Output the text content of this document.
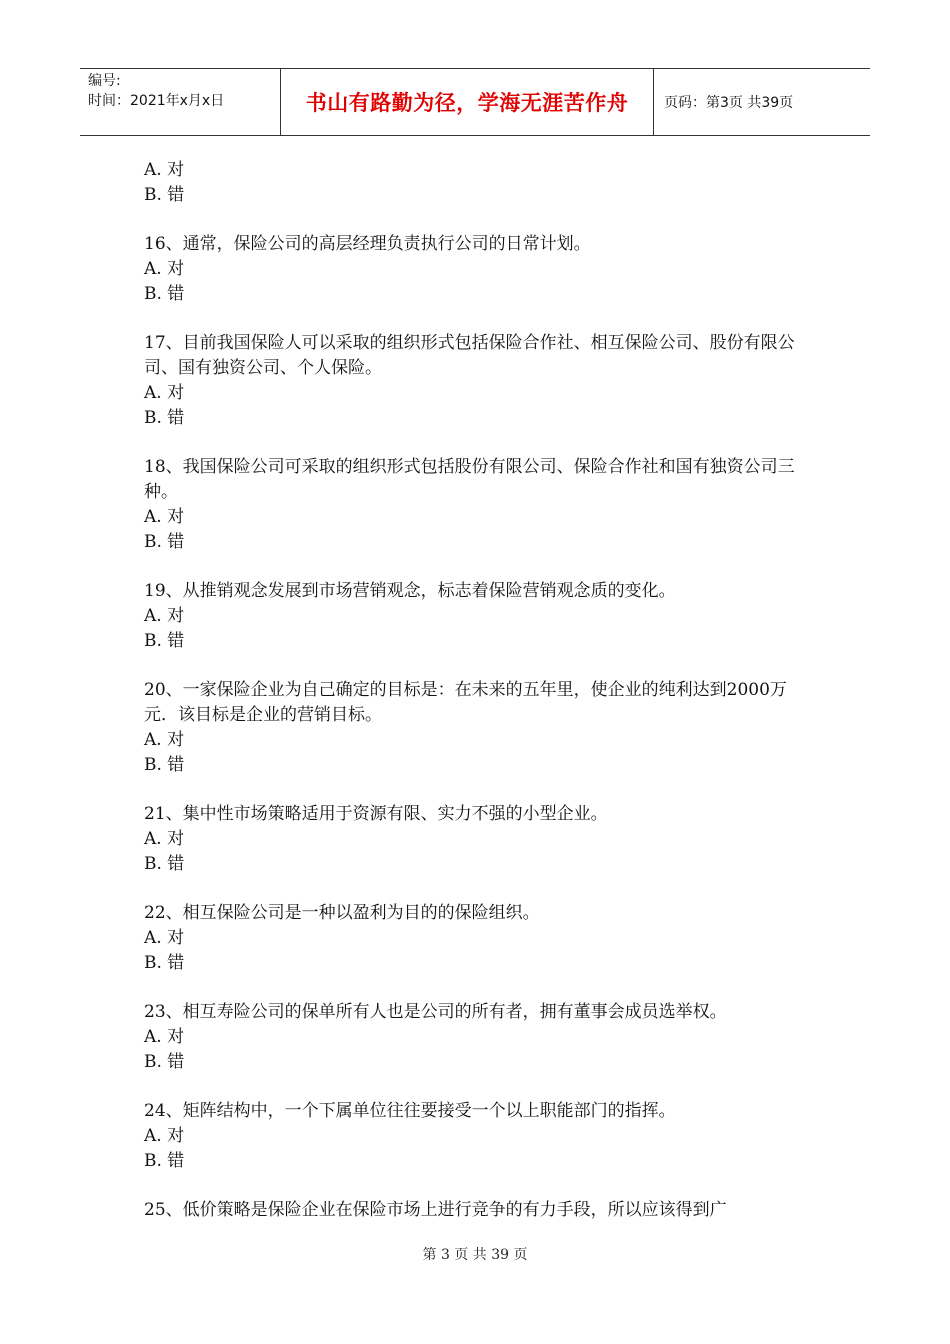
编号:
时间：2021年x月x日	书山有路勤为径，学海无涯苦作舟	页码：第3页 共39页
A. 对
B. 错
16、通常，保险公司的高层经理负责执行公司的日常计划。
A. 对
B. 错
17、目前我国保险人可以采取的组织形式包括保险合作社、相互保险公司、股份有限公司、国有独资公司、个人保险。
A. 对
B. 错
18、我国保险公司可采取的组织形式包括股份有限公司、保险合作社和国有独资公司三种。
A. 对
B. 错
19、从推销观念发展到市场营销观念，标志着保险营销观念质的变化。
A. 对
B. 错
20、一家保险企业为自己确定的目标是：在未来的五年里，使企业的纯利达到2000万元．该目标是企业的营销目标。
A. 对
B. 错
21、集中性市场策略适用于资源有限、实力不强的小型企业。
A. 对
B. 错
22、相互保险公司是一种以盈利为目的的保险组织。
A. 对
B. 错
23、相互寿险公司的保单所有人也是公司的所有者，拥有董事会成员选举权。
A. 对
B. 错
24、矩阵结构中，一个下属单位往往要接受一个以上职能部门的指挥。
A. 对
B. 错
25、低价策略是保险企业在保险市场上进行竞争的有力手段，所以应该得到广
第 3 页 共 39 页
